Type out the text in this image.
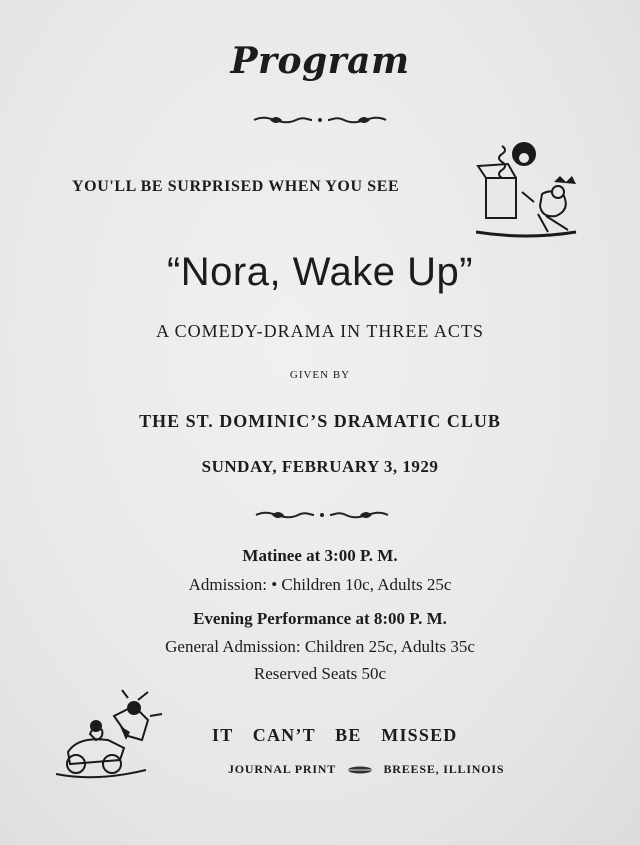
Program
YOU'LL BE SURPRISED WHEN YOU SEE
“Nora, Wake Up”
A COMEDY-DRAMA IN THREE ACTS
GIVEN BY
THE ST. DOMINIC’S DRAMATIC CLUB
SUNDAY, FEBRUARY 3, 1929
Matinee at 3:00 P. M.
Admission: • Children 10c, Adults 25c
Evening Performance at 8:00 P. M.
General Admission: Children 25c, Adults 35c
Reserved Seats 50c
IT CAN’T BE MISSED
JOURNAL PRINT	BREESE, ILLINOIS
